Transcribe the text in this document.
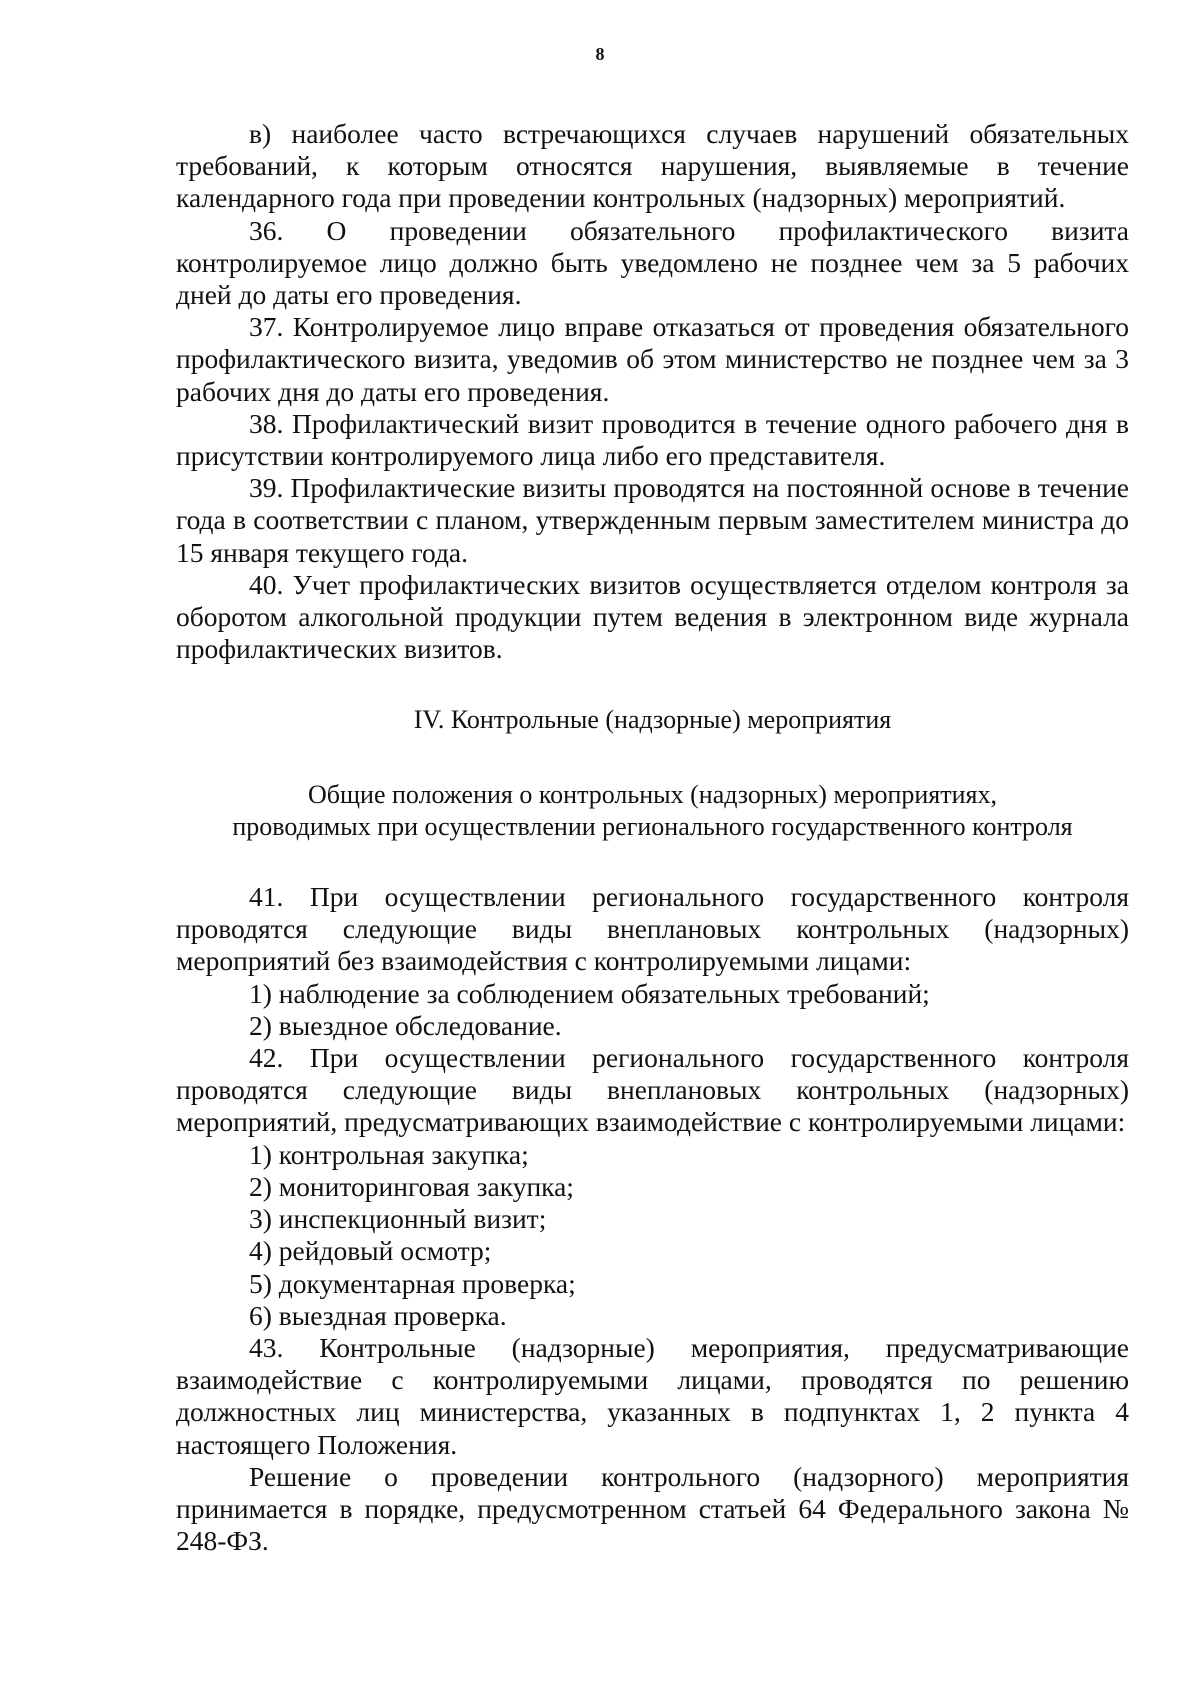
8

в) наиболее часто встречающихся случаев нарушений обязательных требований, к которым относятся нарушения, выявляемые в течение календарного года при проведении контрольных (надзорных) мероприятий.

36. О проведении обязательного профилактического визита контролируемое лицо должно быть уведомлено не позднее чем за 5 рабочих дней до даты его проведения.

37. Контролируемое лицо вправе отказаться от проведения обязательного профилактического визита, уведомив об этом министерство не позднее чем за 3 рабочих дня до даты его проведения.

38. Профилактический визит проводится в течение одного рабочего дня в присутствии контролируемого лица либо его представителя.

39. Профилактические визиты проводятся на постоянной основе в течение года в соответствии с планом, утвержденным первым заместителем министра до 15 января текущего года.

40. Учет профилактических визитов осуществляется отделом контроля за оборотом алкогольной продукции путем ведения в электронном виде журнала профилактических визитов.

IV. Контрольные (надзорные) мероприятия
Общие положения о контрольных (надзорных) мероприятиях,
проводимых при осуществлении регионального государственного контроля

41. При осуществлении регионального государственного контроля проводятся следующие виды внеплановых контрольных (надзорных) мероприятий без взаимодействия с контролируемыми лицами:

1) наблюдение за соблюдением обязательных требований;

2) выездное обследование.

42. При осуществлении регионального государственного контроля проводятся следующие виды внеплановых контрольных (надзорных) мероприятий, предусматривающих взаимодействие с контролируемыми лицами:

1) контрольная закупка;

2) мониторинговая закупка;

3) инспекционный визит;

4) рейдовый осмотр;

5) документарная проверка;

6) выездная проверка.

43. Контрольные (надзорные) мероприятия, предусматривающие взаимодействие с контролируемыми лицами, проводятся по решению должностных лиц министерства, указанных в подпунктах 1, 2 пункта 4 настоящего Положения.

Решение о проведении контрольного (надзорного) мероприятия принимается в порядке, предусмотренном статьей 64 Федерального закона № 248-ФЗ.
